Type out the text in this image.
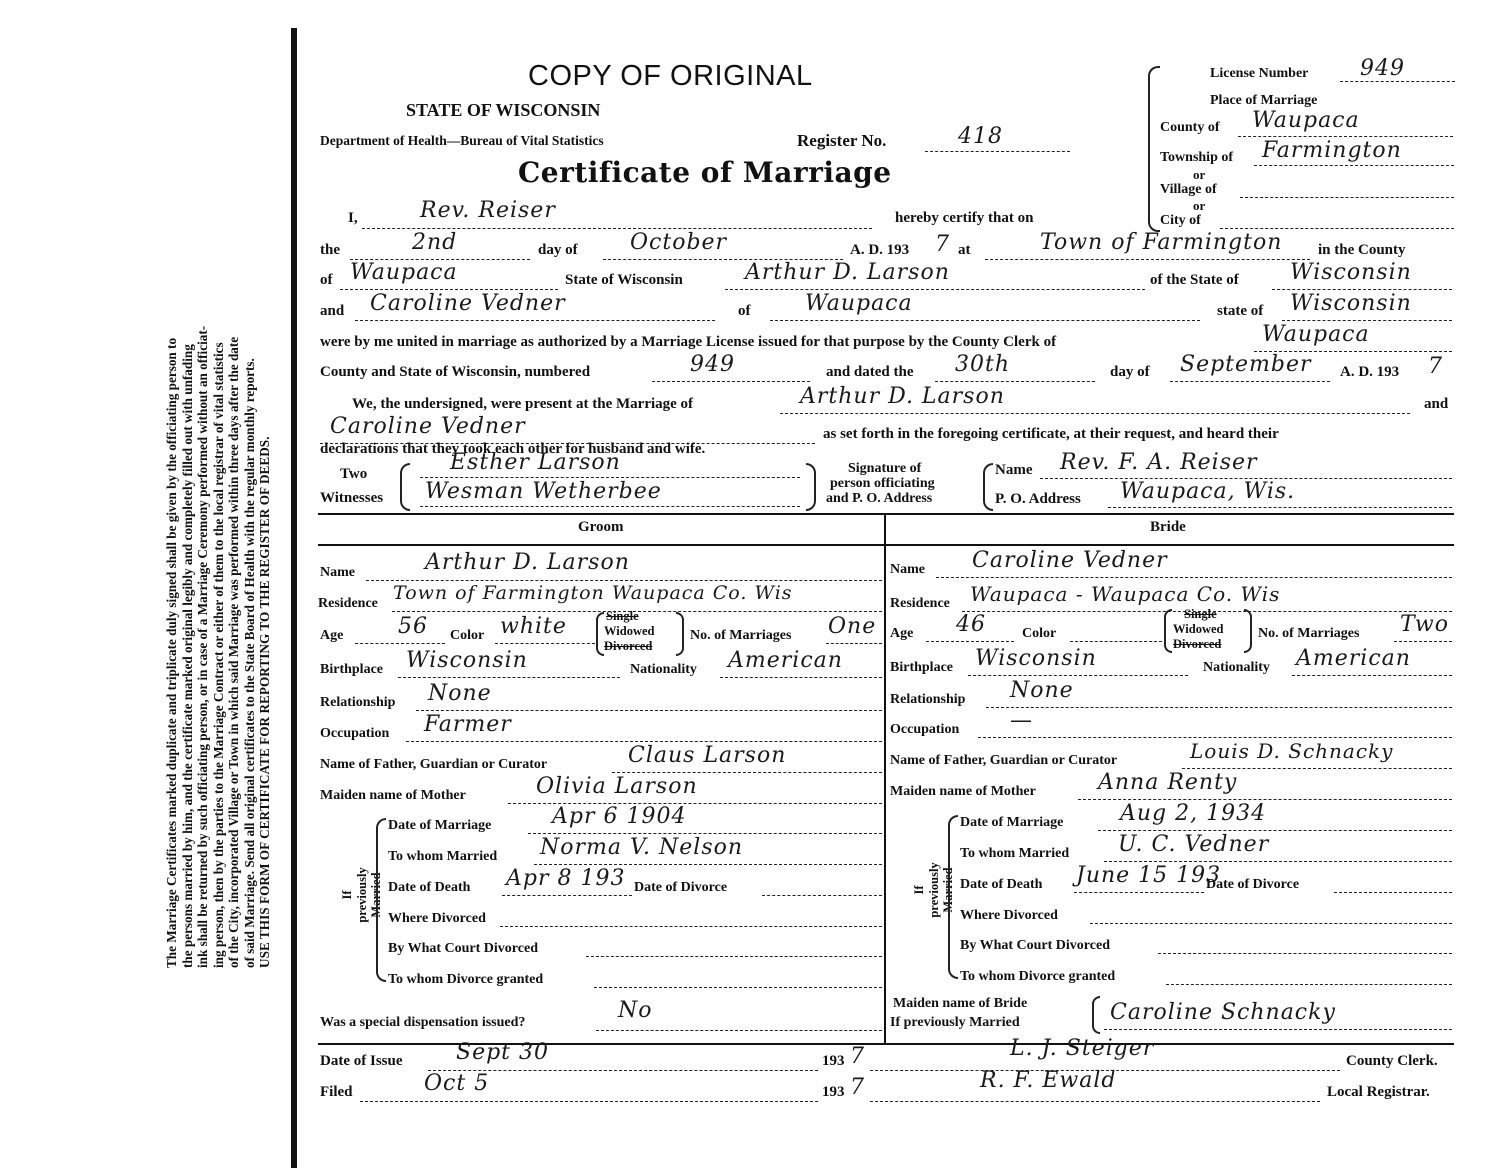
USE THIS FORM OF CERTIFICATE FOR REPORTING TO THE REGISTER OF DEEDS.
The Marriage Certificates marked duplicate and triplicate duly signed shall be given by the officiating person to the persons married by him, and the certificate marked original legibly and completely filled out with unfading ink shall be returned by such officiating person, or in case of a Marriage Ceremony performed without an officiat- ing person, then by the parties to the Marriage Contract or either of them to the local registrar of vital statistics of the City, incorporated Village or Town in which said Marriage was performed within three days after the date of said Marriage. Send all original certificates to the State Board of Health with the regular monthly reports.
COPY OF ORIGINAL
STATE OF WISCONSIN
Department of Health—Bureau of Vital Statistics	Register No.	418
Certificate of Marriage
License Number 949
Place of Marriage
County of Waupaca
Township of Farmington
or
Village of
or
City of
I,	Rev. Reiser	hereby certify that on
the	2nd	day of October	A. D. 193 7 at	Town of Farmington in the County
of Waupaca	State of Wisconsin	Arthur D. Larson	of the State of Wisconsin
and Caroline Vedner	of Waupaca	state of Wisconsin
were by me united in marriage as authorized by a Marriage License issued for that purpose by the County Clerk of	Waupaca
County and State of Wisconsin, numbered	949	and dated the 30th	day of September A. D. 193 7
We, the undersigned, were present at the Marriage of	Arthur D. Larson	and
Caroline Vedner	as set forth in the foregoing certificate, at their request, and heard their
declarations that they took each other for husband and wife.
Two
Witnesses
Esther Larson
Wesman Wetherbee
Signature of
person officiating
and P. O. Address
Name Rev. F. A. Reiser
P. O. Address Waupaca, Wis.
Groom
Name	Arthur D. Larson
Residence Town of Farmington Waupaca Co. Wis
Age 56 Color white	Single
Widowed
Divorced
No. of Marriages One
Birthplace Wisconsin	Nationality American
Relationship None
Occupation Farmer
Name of Father, Guardian or Curator	Claus Larson
Maiden name of Mother	Olivia Larson
If previously Married
Date of Marriage	Apr 6 1904
To whom Married Norma V. Nelson
Date of Death Apr 8 193 Date of Divorce
Where Divorced
By What Court Divorced
To whom Divorce granted
Bride
Name Caroline Vedner
Residence Waupaca - Waupaca Co. Wis
Age 46	Color
Single
Widowed
Divorced
No. of Marriages Two
Birthplace Wisconsin	Nationality American
Relationship None
Occupation —
Name of Father, Guardian or Curator	Louis D. Schnacky
Maiden name of Mother	Anna Renty
If previously Married
Date of Marriage	Aug 2, 1934
To whom Married U. C. Vedner
Date of Death June 15 193
Date of Divorce
Where Divorced
By What Court Divorced
To whom Divorce granted
Maiden name of Bride
If previously Married	Caroline Schnacky
Was a special dispensation issued?	No
Date of Issue Sept 30	193 7	L. J. Steiger	County Clerk.
Filed	Oct 5	193 7	R. F. Ewald	Local Registrar.
